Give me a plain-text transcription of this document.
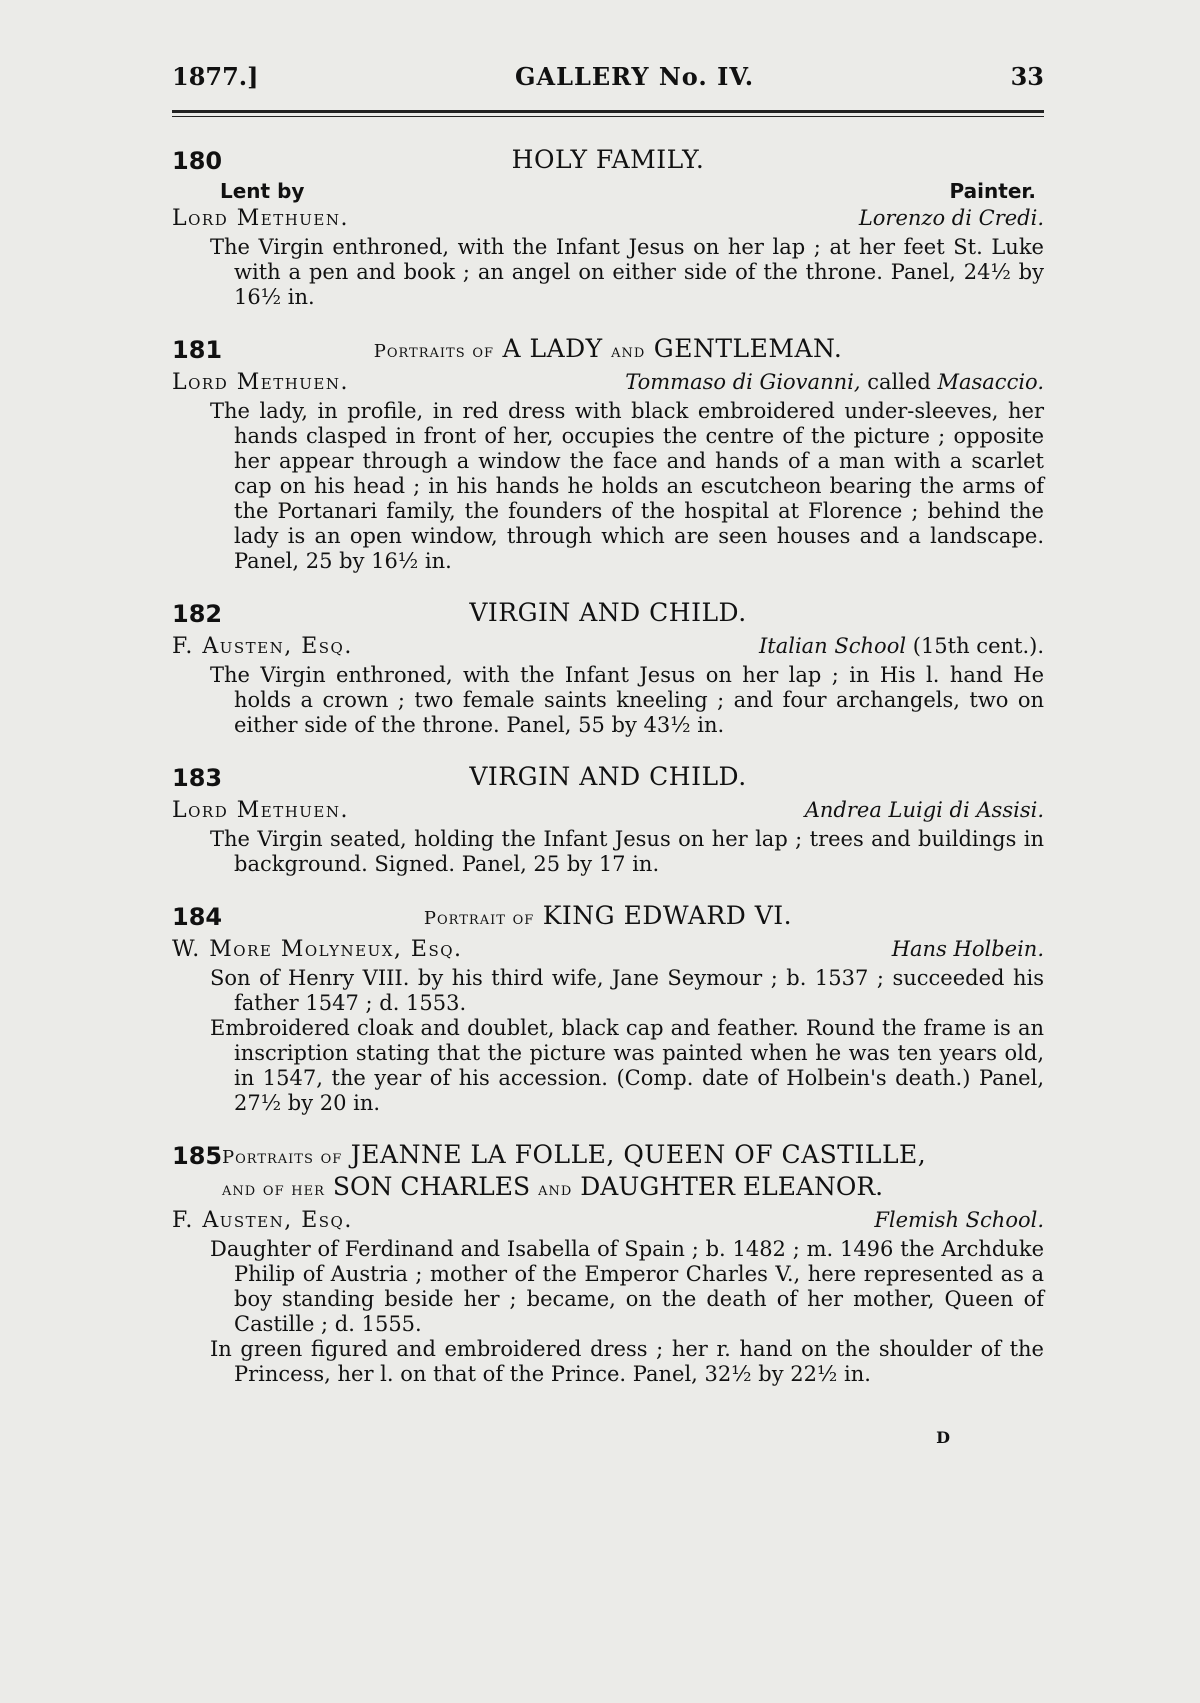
1877.]	GALLERY No. IV.	33
180	HOLY FAMILY.
Lent by	Painter.
Lord Methuen.	Lorenzo di Credi.

The Virgin enthroned, with the Infant Jesus on her lap ; at her feet St. Luke with a pen and book ; an angel on either side of the throne. Panel, 24½ by 16½ in.

181	Portraits of A LADY and GENTLEMAN.
Lord Methuen.	Tommaso di Giovanni, called Masaccio.

The lady, in profile, in red dress with black embroidered under-sleeves, her hands clasped in front of her, occupies the centre of the picture ; opposite her appear through a window the face and hands of a man with a scarlet cap on his head ; in his hands he holds an escutcheon bearing the arms of the Portanari family, the founders of the hospital at Florence ; behind the lady is an open window, through which are seen houses and a landscape. Panel, 25 by 16½ in.

182	VIRGIN AND CHILD.
F. Austen, Esq.	Italian School (15th cent.).

The Virgin enthroned, with the Infant Jesus on her lap ; in His l. hand He holds a crown ; two female saints kneeling ; and four archangels, two on either side of the throne. Panel, 55 by 43½ in.

183	VIRGIN AND CHILD.
Lord Methuen.	Andrea Luigi di Assisi.

The Virgin seated, holding the Infant Jesus on her lap ; trees and buildings in background. Signed. Panel, 25 by 17 in.

184	Portrait of KING EDWARD VI.
W. More Molyneux, Esq.	Hans Holbein.

Son of Henry VIII. by his third wife, Jane Seymour ; b. 1537 ; succeeded his father 1547 ; d. 1553.

Embroidered cloak and doublet, black cap and feather. Round the frame is an inscription stating that the picture was painted when he was ten years old, in 1547, the year of his accession. (Comp. date of Holbein's death.) Panel, 27½ by 20 in.

185 Portraits of JEANNE LA FOLLE, QUEEN OF CASTILLE,
and of her SON CHARLES and DAUGHTER ELEANOR.
F. Austen, Esq.	Flemish School.

Daughter of Ferdinand and Isabella of Spain ; b. 1482 ; m. 1496 the Archduke Philip of Austria ; mother of the Emperor Charles V., here represented as a boy standing beside her ; became, on the death of her mother, Queen of Castille ; d. 1555.

In green figured and embroidered dress ; her r. hand on the shoulder of the Princess, her l. on that of the Prince. Panel, 32½ by 22½ in.

D
